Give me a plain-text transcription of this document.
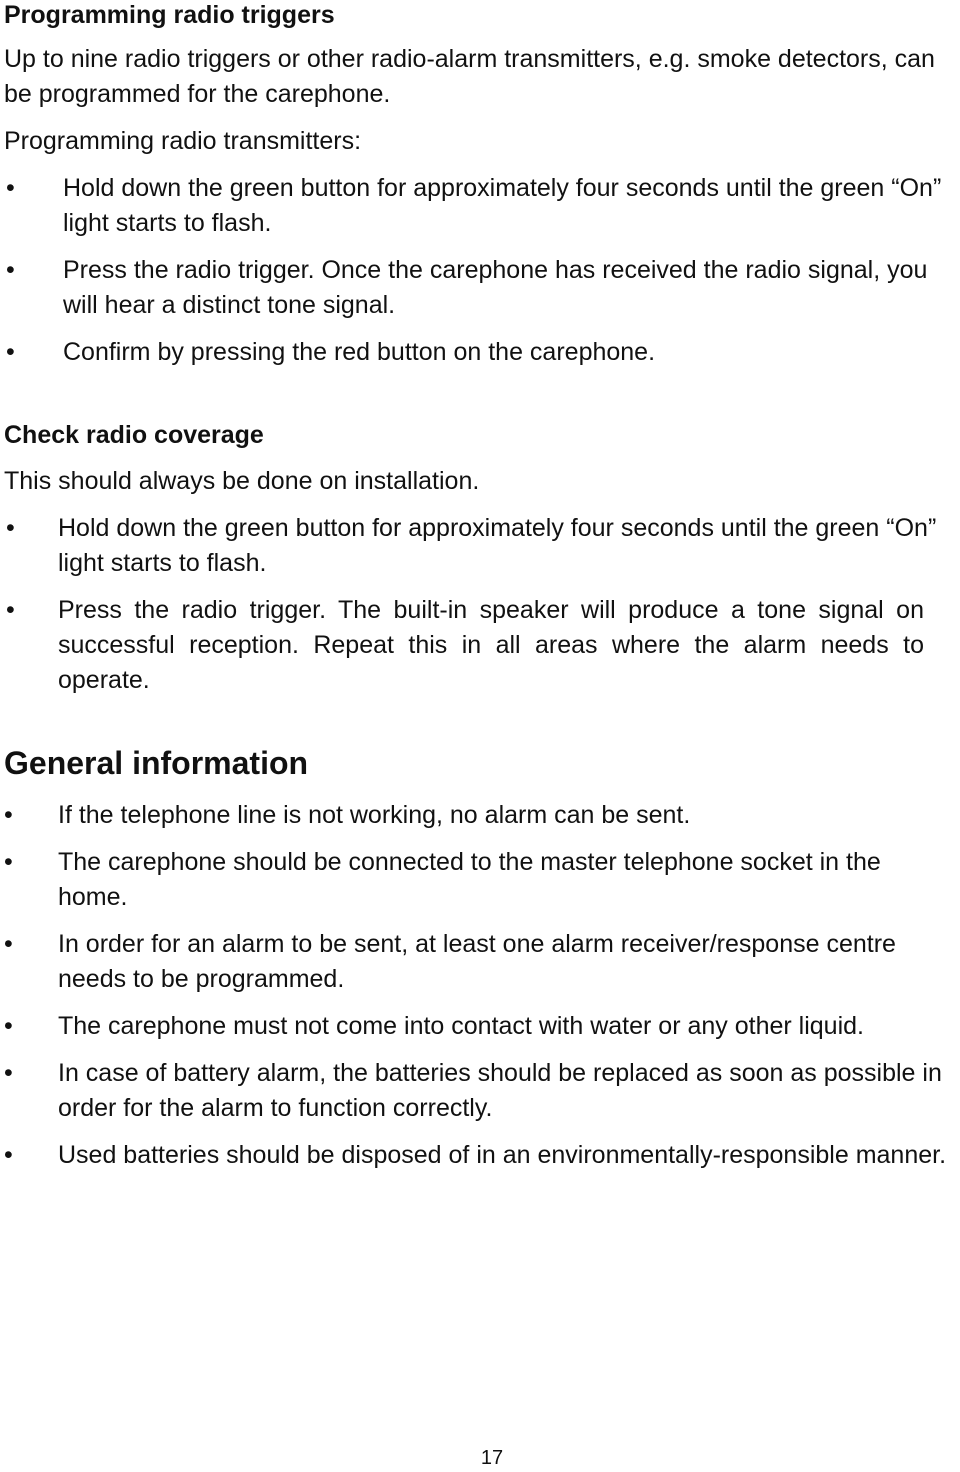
Programming radio triggers

Up to nine radio triggers or other radio-alarm transmitters, e.g. smoke detectors, can be programmed for the carephone.

Programming radio transmitters:

• Hold down the green button for approximately four seconds until the green “On” light starts to flash.
• Press the radio trigger. Once the carephone has received the radio signal, you will hear a distinct tone signal.
• Confirm by pressing the red button on the carephone.
Check radio coverage

This should always be done on installation.

• Hold down the green button for approximately four seconds until the green “On” light starts to flash.
• Press the radio trigger. The built-in speaker will produce a tone signal on successful reception. Repeat this in all areas where the alarm needs to operate.
General information
• If the telephone line is not working, no alarm can be sent.
• The carephone should be connected to the master telephone socket in the home.
• In order for an alarm to be sent, at least one alarm receiver/response centre needs to be programmed.
• The carephone must not come into contact with water or any other liquid.
• In case of battery alarm, the batteries should be replaced as soon as possible in order for the alarm to function correctly.
• Used batteries should be disposed of in an environmentally-responsible manner.
17
